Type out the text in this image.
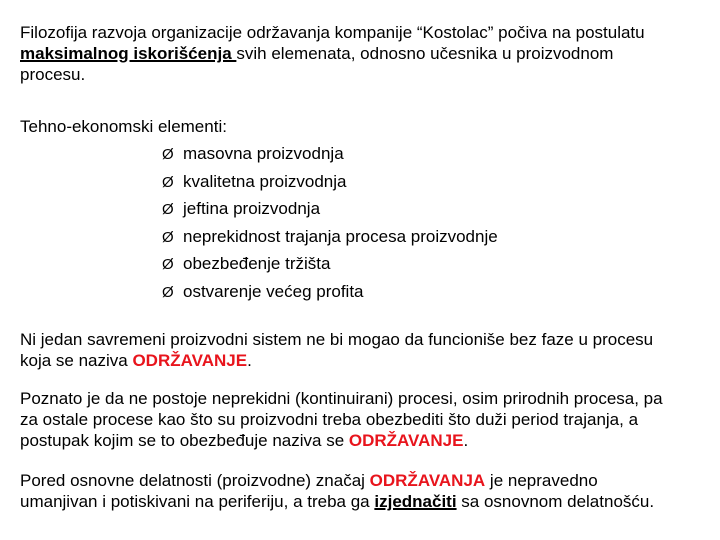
Filozofija razvoja organizacije održavanja kompanije “Kostolac” počiva na postulatu
maksimalnog iskorišćenja svih elemenata, odnosno učesnika u proizvodnom
procesu.
Tehno-ekonomski elementi:
Ø masovna proizvodnja
Ø kvalitetna proizvodnja
Ø jeftina proizvodnja
Ø neprekidnost trajanja procesa proizvodnje
Ø obezbeđenje tržišta
Ø ostvarenje većeg profita
Ni jedan savremeni proizvodni sistem ne bi mogao da funcioniše bez faze u procesu
koja se naziva ODRŽAVANJE.
Poznato je da ne postoje neprekidni (kontinuirani) procesi, osim prirodnih procesa, pa
za ostale procese kao što su proizvodni treba obezbediti što duži period trajanja, a
postupak kojim se to obezbeđuje naziva se ODRŽAVANJE.
Pored osnovne delatnosti (proizvodne) značaj ODRŽAVANJA je nepravedno
umanjivan i potiskivani na periferiju, a treba ga izjednačiti sa osnovnom delatnošću.
